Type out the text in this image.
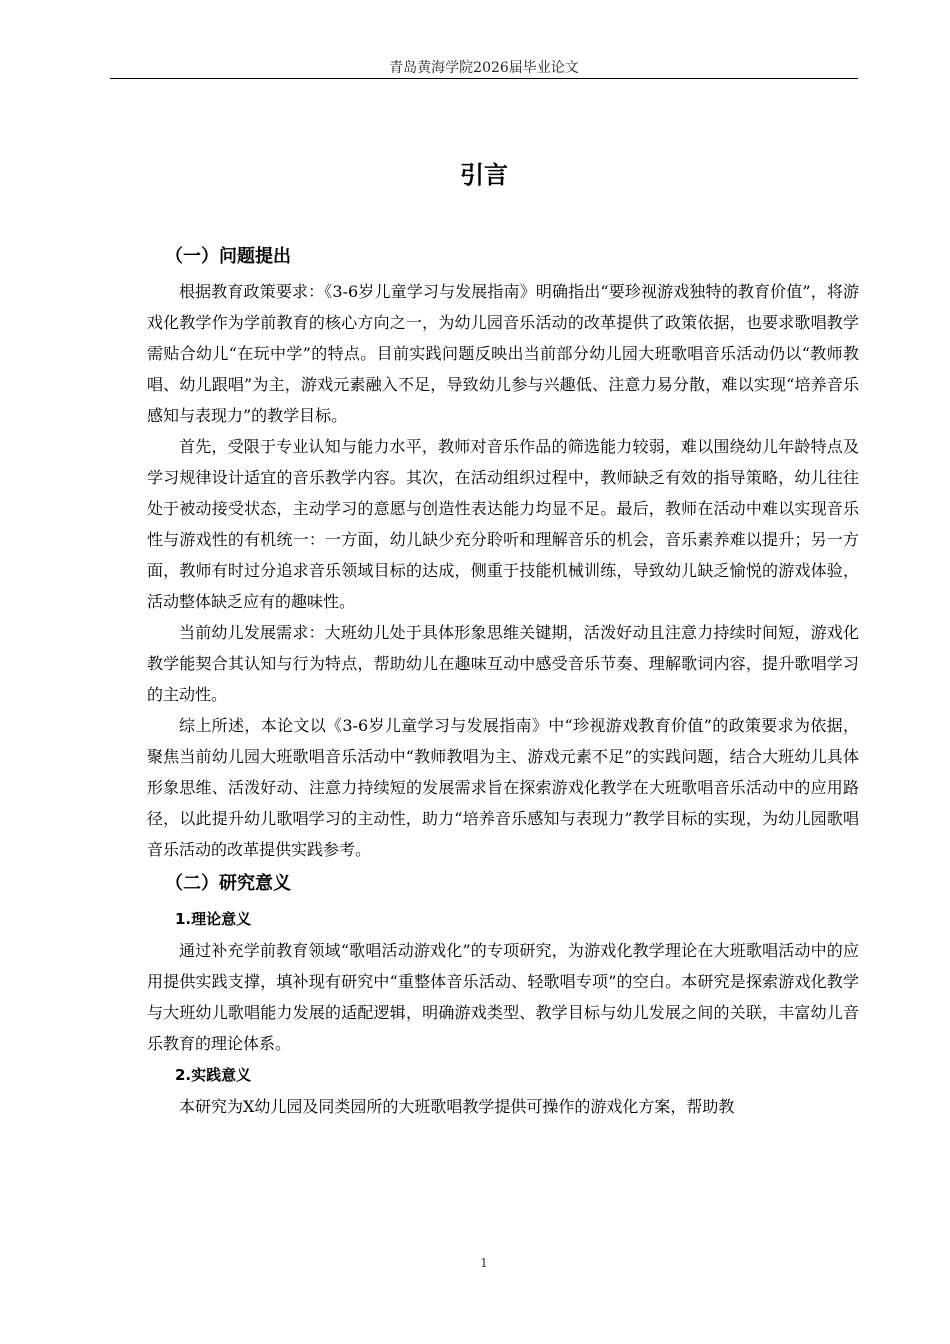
青岛黄海学院2026届毕业论文
引言

（一）问题提出

根据教育政策要求：《3-6岁儿童学习与发展指南》明确指出“要珍视游戏独特的教育价值”，将游戏化教学作为学前教育的核心方向之一，为幼儿园音乐活动的改革提供了政策依据，也要求歌唱教学需贴合幼儿“在玩中学”的特点。目前实践问题反映出当前部分幼儿园大班歌唱音乐活动仍以“教师教唱、幼儿跟唱”为主，游戏元素融入不足，导致幼儿参与兴趣低、注意力易分散，难以实现“培养音乐感知与表现力”的教学目标。

首先，受限于专业认知与能力水平，教师对音乐作品的筛选能力较弱，难以围绕幼儿年龄特点及学习规律设计适宜的音乐教学内容。其次，在活动组织过程中，教师缺乏有效的指导策略，幼儿往往处于被动接受状态，主动学习的意愿与创造性表达能力均显不足。最后，教师在活动中难以实现音乐性与游戏性的有机统一：一方面，幼儿缺少充分聆听和理解音乐的机会，音乐素养难以提升；另一方面，教师有时过分追求音乐领域目标的达成，侧重于技能机械训练，导致幼儿缺乏愉悦的游戏体验，活动整体缺乏应有的趣味性。

当前幼儿发展需求：大班幼儿处于具体形象思维关键期，活泼好动且注意力持续时间短，游戏化教学能契合其认知与行为特点，帮助幼儿在趣味互动中感受音乐节奏、理解歌词内容，提升歌唱学习的主动性。

综上所述，本论文以《3-6岁儿童学习与发展指南》中“珍视游戏教育价值”的政策要求为依据，聚焦当前幼儿园大班歌唱音乐活动中“教师教唱为主、游戏元素不足”的实践问题，结合大班幼儿具体形象思维、活泼好动、注意力持续短的发展需求旨在探索游戏化教学在大班歌唱音乐活动中的应用路径，以此提升幼儿歌唱学习的主动性，助力“培养音乐感知与表现力”教学目标的实现，为幼儿园歌唱音乐活动的改革提供实践参考。

（二）研究意义

1.理论意义

通过补充学前教育领域“歌唱活动游戏化”的专项研究，为游戏化教学理论在大班歌唱活动中的应用提供实践支撑，填补现有研究中“重整体音乐活动、轻歌唱专项”的空白。本研究是探索游戏化教学与大班幼儿歌唱能力发展的适配逻辑，明确游戏类型、教学目标与幼儿发展之间的关联，丰富幼儿音乐教育的理论体系。

2.实践意义

本研究为X幼儿园及同类园所的大班歌唱教学提供可操作的游戏化方案，帮助教

1
